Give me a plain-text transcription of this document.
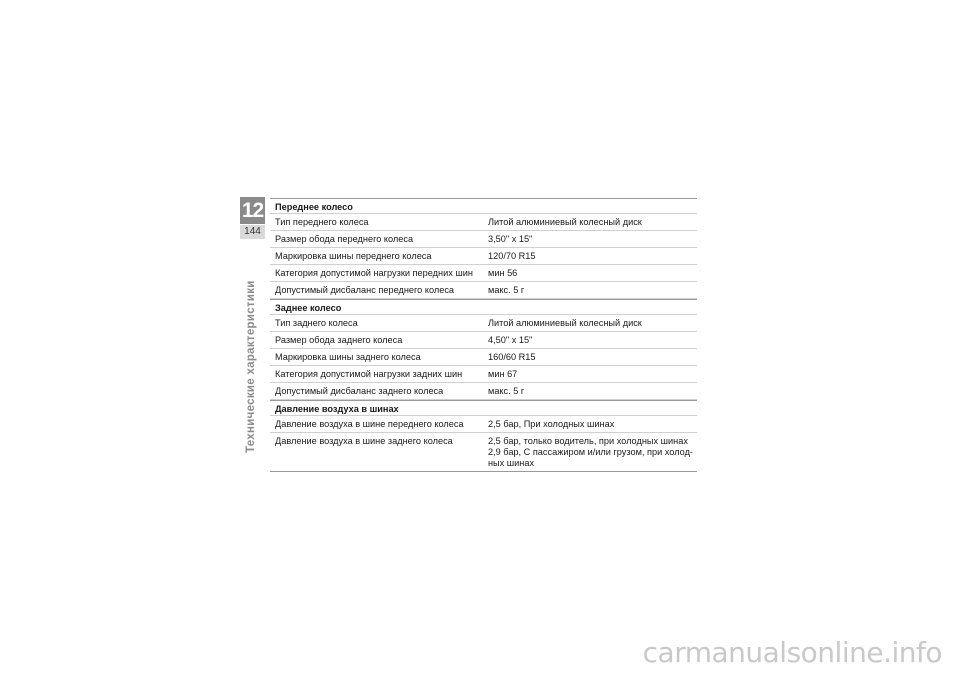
12
144
Технические характеристики
Переднее колесо
Тип переднего колеса	Литой алюминиевый колесный диск
Размер обода переднего колеса	3,50" x 15"
Маркировка шины переднего колеса	120/70 R15
Категория допустимой нагрузки передних шин	мин 56
Допустимый дисбаланс переднего колеса	макс. 5 г
Заднее колесо
Тип заднего колеса	Литой алюминиевый колесный диск
Размер обода заднего колеса	4,50" x 15"
Маркировка шины заднего колеса	160/60 R15
Категория допустимой нагрузки задних шин	мин 67
Допустимый дисбаланс заднего колеса	макс. 5 г
Давление воздуха в шинах
Давление воздуха в шине переднего колеса	2,5 бар, При холодных шинах
Давление воздуха в шине заднего колеса	2,5 бар, только водитель, при холодных шинах
2,9 бар, С пассажиром и/или грузом, при холод-
ных шинах
carmanualsonline.info
